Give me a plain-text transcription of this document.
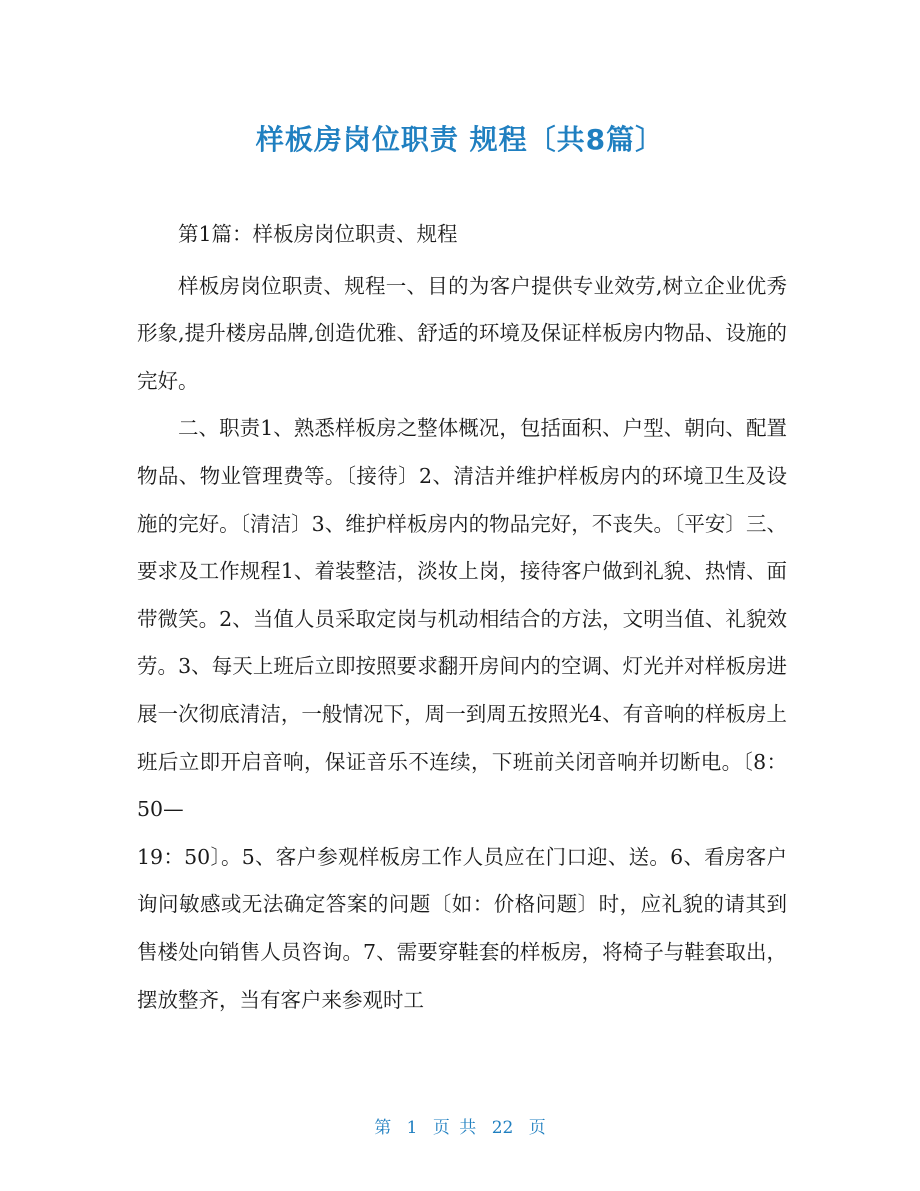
样板房岗位职责 规程〔共8篇〕

第1篇：样板房岗位职责、规程

样板房岗位职责、规程一、目的为客户提供专业效劳,树立企业优秀形象,提升楼房品牌,创造优雅、舒适的环境及保证样板房内物品、设施的完好。

二、职责1、熟悉样板房之整体概况，包括面积、户型、朝向、配置物品、物业管理费等。〔接待〕2、清洁并维护样板房内的环境卫生及设施的完好。〔清洁〕3、维护样板房内的物品完好，不丧失。〔平安〕三、要求及工作规程1、着装整洁，淡妆上岗，接待客户做到礼貌、热情、面带微笑。2、当值人员采取定岗与机动相结合的方法，文明当值、礼貌效劳。3、每天上班后立即按照要求翻开房间内的空调、灯光并对样板房进展一次彻底清洁，一般情况下，周一到周五按照光4、有音响的样板房上班后立即开启音响，保证音乐不连续，下班前关闭音响并切断电。〔8：50—

19：50〕。5、客户参观样板房工作人员应在门口迎、送。6、看房客户询问敏感或无法确定答案的问题〔如：价格问题〕时，应礼貌的请其到售楼处向销售人员咨询。7、需要穿鞋套的样板房，将椅子与鞋套取出，摆放整齐，当有客户来参观时工

第 1 页 共 22 页
